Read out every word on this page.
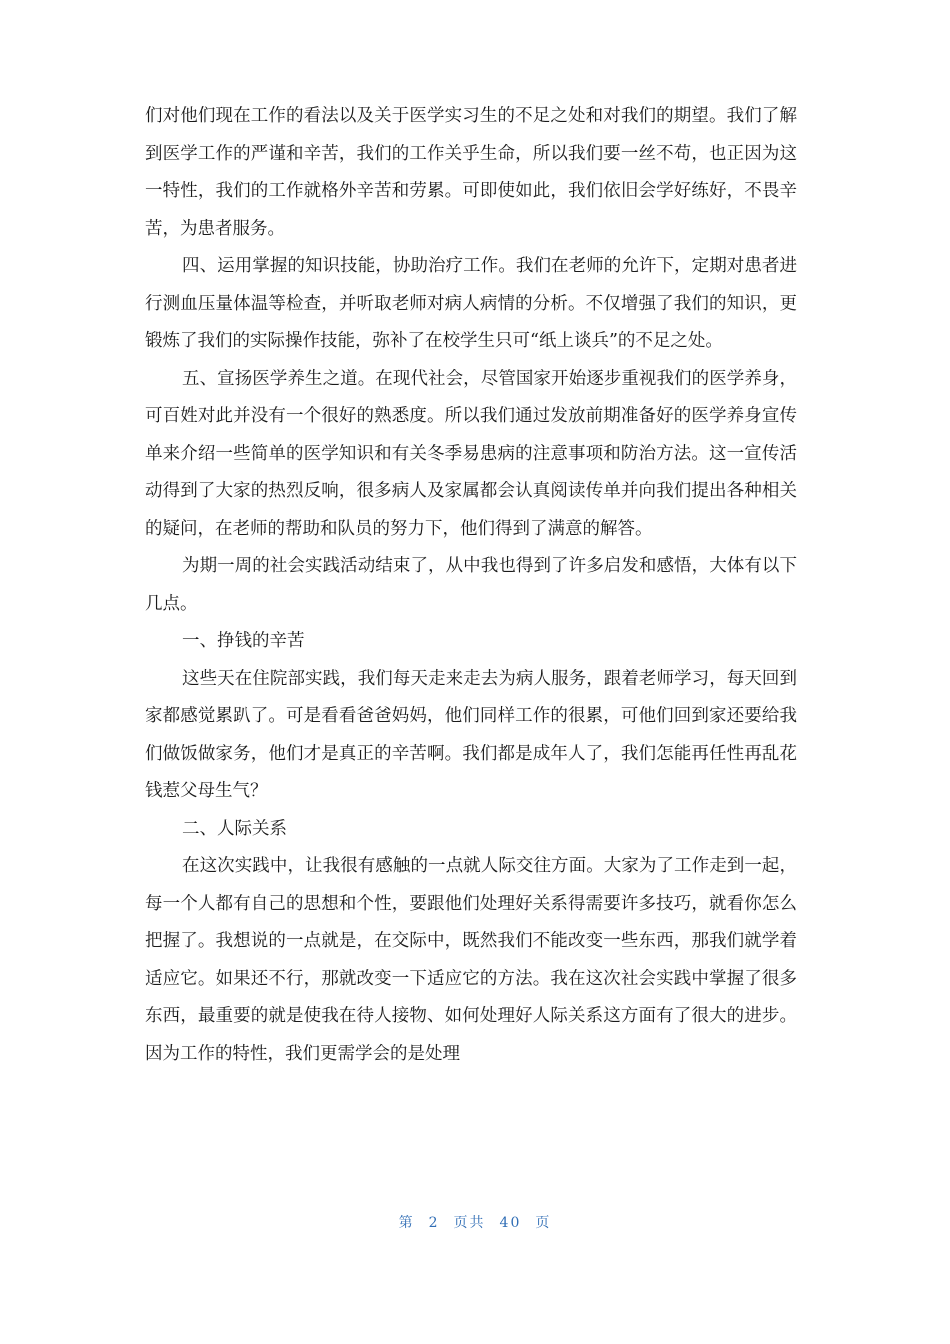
们对他们现在工作的看法以及关于医学实习生的不足之处和对我们的期望。我们了解到医学工作的严谨和辛苦，我们的工作关乎生命，所以我们要一丝不苟，也正因为这一特性，我们的工作就格外辛苦和劳累。可即使如此，我们依旧会学好练好，不畏辛苦，为患者服务。

四、运用掌握的知识技能，协助治疗工作。我们在老师的允许下，定期对患者进行测血压量体温等检查，并听取老师对病人病情的分析。不仅增强了我们的知识，更锻炼了我们的实际操作技能，弥补了在校学生只可“纸上谈兵”的不足之处。

五、宣扬医学养生之道。在现代社会，尽管国家开始逐步重视我们的医学养身，可百姓对此并没有一个很好的熟悉度。所以我们通过发放前期准备好的医学养身宣传单来介绍一些简单的医学知识和有关冬季易患病的注意事项和防治方法。这一宣传活动得到了大家的热烈反响，很多病人及家属都会认真阅读传单并向我们提出各种相关的疑问，在老师的帮助和队员的努力下，他们得到了满意的解答。

为期一周的社会实践活动结束了，从中我也得到了许多启发和感悟，大体有以下几点。

一、挣钱的辛苦

这些天在住院部实践，我们每天走来走去为病人服务，跟着老师学习，每天回到家都感觉累趴了。可是看看爸爸妈妈，他们同样工作的很累，可他们回到家还要给我们做饭做家务，他们才是真正的辛苦啊。我们都是成年人了，我们怎能再任性再乱花钱惹父母生气？

二、人际关系

在这次实践中，让我很有感触的一点就人际交往方面。大家为了工作走到一起，每一个人都有自己的思想和个性，要跟他们处理好关系得需要许多技巧，就看你怎么把握了。我想说的一点就是，在交际中，既然我们不能改变一些东西，那我们就学着适应它。如果还不行，那就改变一下适应它的方法。我在这次社会实践中掌握了很多东西，最重要的就是使我在待人接物、如何处理好人际关系这方面有了很大的进步。因为工作的特性，我们更需学会的是处理

第 2 页共 40 页
